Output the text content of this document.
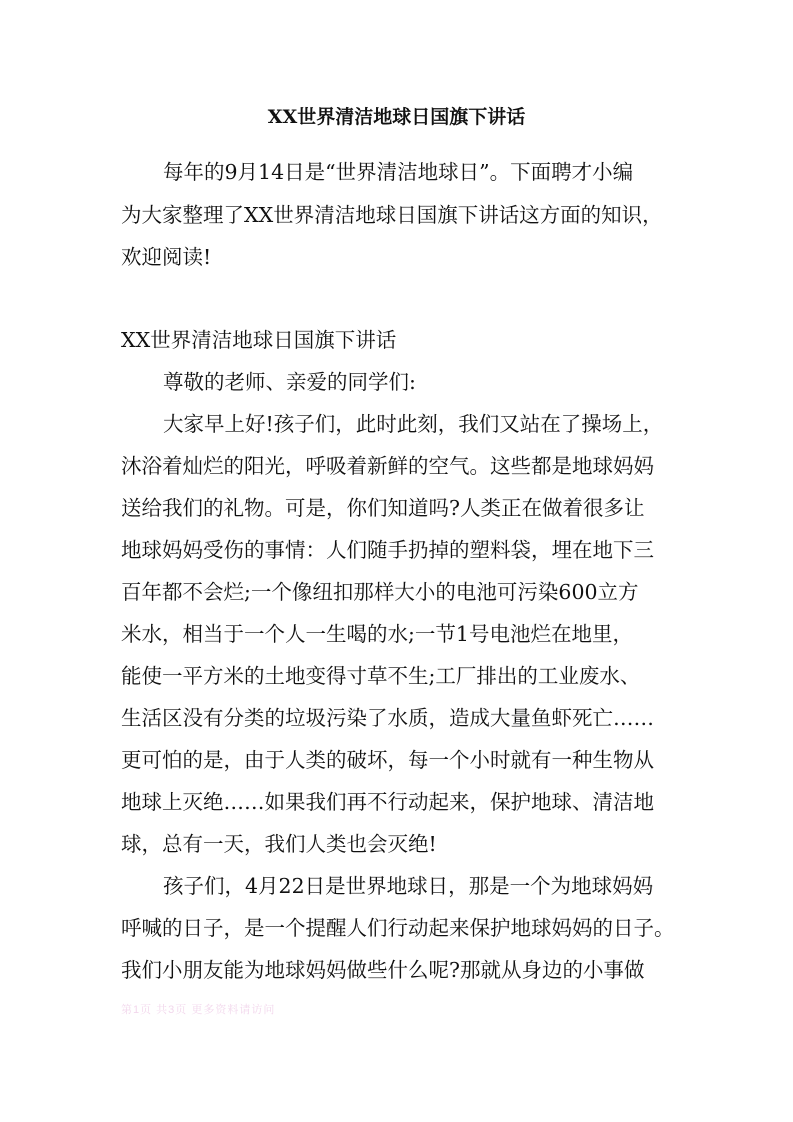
XX世界清洁地球日国旗下讲话

每年的9月14日是“世界清洁地球日”。下面聘才小编

为大家整理了XX世界清洁地球日国旗下讲话这方面的知识，

欢迎阅读!

XX世界清洁地球日国旗下讲话

尊敬的老师、亲爱的同学们:

大家早上好!孩子们，此时此刻，我们又站在了操场上，

沐浴着灿烂的阳光，呼吸着新鲜的空气。这些都是地球妈妈

送给我们的礼物。可是，你们知道吗?人类正在做着很多让

地球妈妈受伤的事情：人们随手扔掉的塑料袋，埋在地下三

百年都不会烂;一个像纽扣那样大小的电池可污染600立方

米水，相当于一个人一生喝的水;一节1号电池烂在地里，

能使一平方米的土地变得寸草不生;工厂排出的工业废水、

生活区没有分类的垃圾污染了水质，造成大量鱼虾死亡……

更可怕的是，由于人类的破坏，每一个小时就有一种生物从

地球上灭绝……如果我们再不行动起来，保护地球、清洁地

球，总有一天，我们人类也会灭绝!

孩子们，4月22日是世界地球日，那是一个为地球妈妈

呼喊的日子，是一个提醒人们行动起来保护地球妈妈的日子。

我们小朋友能为地球妈妈做些什么呢?那就从身边的小事做

第1页 共3页 更多资料请访问
